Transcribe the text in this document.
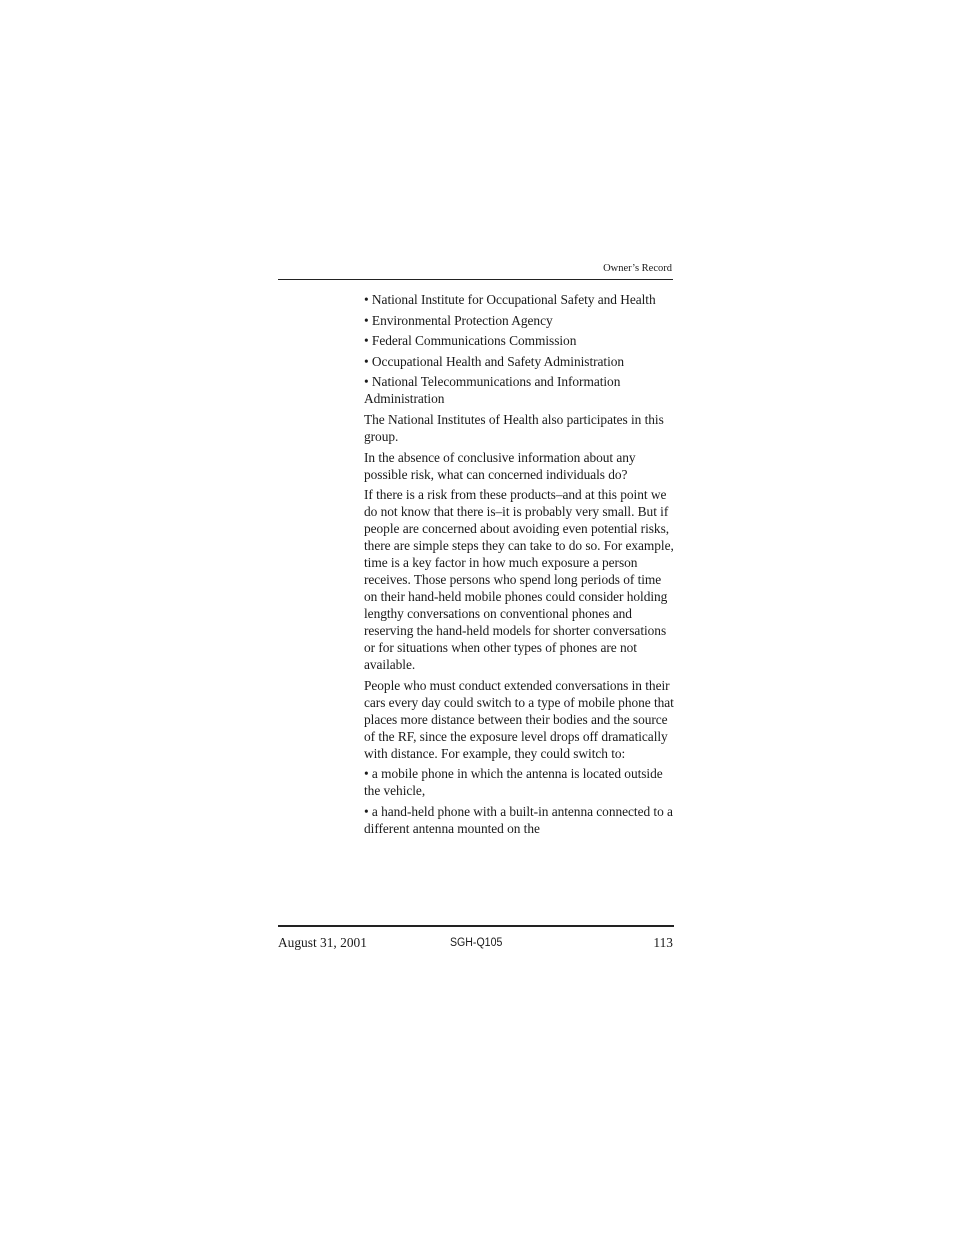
Owner’s Record

• National Institute for Occupational Safety and Health

• Environmental Protection Agency

• Federal Communications Commission

• Occupational Health and Safety Administration

• National Telecommunications and Information Administration

The National Institutes of Health also participates in this group.

In the absence of conclusive information about any possible risk, what can concerned individuals do?

If there is a risk from these products–and at this point we do not know that there is–it is probably very small. But if people are concerned about avoiding even potential risks, there are simple steps they can take to do so. For example, time is a key factor in how much exposure a person receives. Those persons who spend long periods of time on their hand-held mobile phones could consider holding lengthy conversations on conventional phones and reserving the hand-held models for shorter conversations or for situations when other types of phones are not available.

People who must conduct extended conversations in their cars every day could switch to a type of mobile phone that places more distance between their bodies and the source of the RF, since the exposure level drops off dramatically with distance. For example, they could switch to:

• a mobile phone in which the antenna is located outside the vehicle,

• a hand-held phone with a built-in antenna connected to a different antenna mounted on the

August 31, 2001	SGH-Q105	113
